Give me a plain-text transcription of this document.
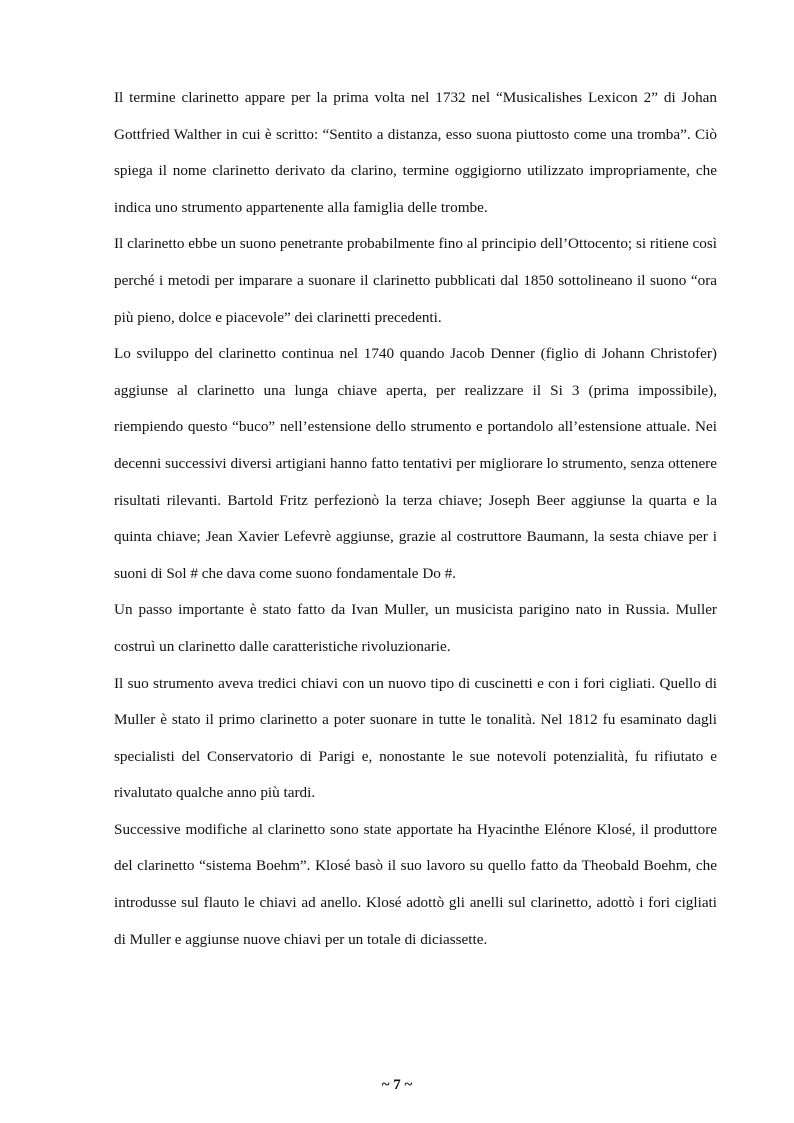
Il termine clarinetto appare per la prima volta nel 1732 nel “Musicalishes Lexicon 2” di Johan Gottfried Walther in cui è scritto: “Sentito a distanza, esso suona piuttosto come una tromba”. Ciò spiega il nome clarinetto derivato da clarino, termine oggigiorno utilizzato impropriamente, che indica uno strumento appartenente alla famiglia delle trombe.

Il clarinetto ebbe un suono penetrante probabilmente fino al principio dell’Ottocento; si ritiene così perché i metodi per imparare a suonare il clarinetto pubblicati dal 1850 sottolineano il suono “ora più pieno, dolce e piacevole” dei clarinetti precedenti.

Lo sviluppo del clarinetto continua nel 1740 quando Jacob Denner (figlio di Johann Christofer) aggiunse al clarinetto una lunga chiave aperta, per realizzare il Si 3 (prima impossibile), riempiendo questo “buco” nell’estensione dello strumento e portandolo all’estensione attuale. Nei decenni successivi diversi artigiani hanno fatto tentativi per migliorare lo strumento, senza ottenere risultati rilevanti. Bartold Fritz perfezionò la terza chiave; Joseph Beer aggiunse la quarta e la quinta chiave; Jean Xavier Lefevrè aggiunse, grazie al costruttore Baumann, la sesta chiave per i suoni di Sol # che dava come suono fondamentale Do #.

Un passo importante è stato fatto da Ivan Muller, un musicista parigino nato in Russia. Muller costruì un clarinetto dalle caratteristiche rivoluzionarie.

Il suo strumento aveva tredici chiavi con un nuovo tipo di cuscinetti e con i fori cigliati. Quello di Muller è stato il primo clarinetto a poter suonare in tutte le tonalità. Nel 1812 fu esaminato dagli specialisti del Conservatorio di Parigi e, nonostante le sue notevoli potenzialità, fu rifiutato e rivalutato qualche anno più tardi.

Successive modifiche al clarinetto sono state apportate ha Hyacinthe Elénore Klosé, il produttore del clarinetto “sistema Boehm”. Klosé basò il suo lavoro su quello fatto da Theobald Boehm, che introdusse sul flauto le chiavi ad anello. Klosé adottò gli anelli sul clarinetto, adottò i fori cigliati di Muller e aggiunse nuove chiavi per un totale di diciassette.

~ 7 ~
